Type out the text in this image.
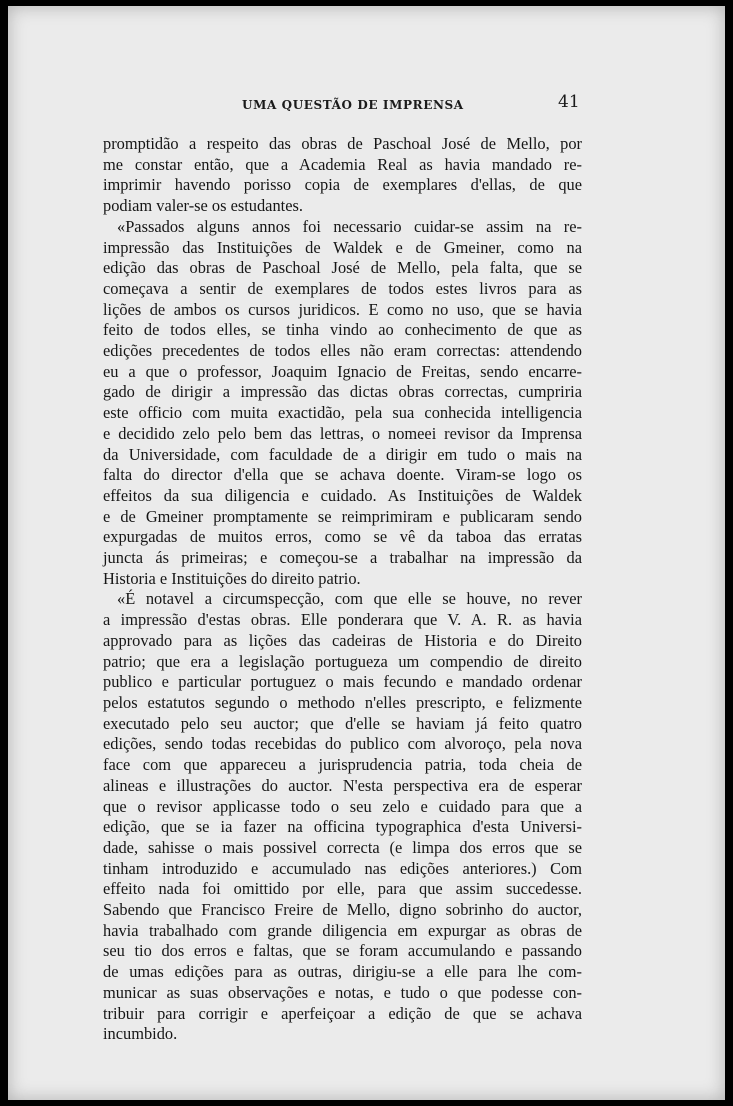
UMA QUESTÃO DE IMPRENSA	41
promptidão a respeito das obras de Paschoal José de Mello, por
me constar então, que a Academia Real as havia mandado re-
imprimir havendo porisso copia de exemplares d'ellas, de que
podiam valer-se os estudantes.
«Passados alguns annos foi necessario cuidar-se assim na re-
impressão das Instituições de Waldek e de Gmeiner, como na
edição das obras de Paschoal José de Mello, pela falta, que se
começava a sentir de exemplares de todos estes livros para as
lições de ambos os cursos juridicos. E como no uso, que se havia
feito de todos elles, se tinha vindo ao conhecimento de que as
edições precedentes de todos elles não eram correctas: attendendo
eu a que o professor, Joaquim Ignacio de Freitas, sendo encarre-
gado de dirigir a impressão das dictas obras correctas, cumpriria
este officio com muita exactidão, pela sua conhecida intelligencia
e decidido zelo pelo bem das lettras, o nomeei revisor da Imprensa
da Universidade, com faculdade de a dirigir em tudo o mais na
falta do director d'ella que se achava doente. Viram-se logo os
effeitos da sua diligencia e cuidado. As Instituições de Waldek
e de Gmeiner promptamente se reimprimiram e publicaram sendo
expurgadas de muitos erros, como se vê da taboa das erratas
juncta ás primeiras; e começou-se a trabalhar na impressão da
Historia e Instituições do direito patrio.
«É notavel a circumspecção, com que elle se houve, no rever
a impressão d'estas obras. Elle ponderara que V. A. R. as havia
approvado para as lições das cadeiras de Historia e do Direito
patrio; que era a legislação portugueza um compendio de direito
publico e particular portuguez o mais fecundo e mandado ordenar
pelos estatutos segundo o methodo n'elles prescripto, e felizmente
executado pelo seu auctor; que d'elle se haviam já feito quatro
edições, sendo todas recebidas do publico com alvoroço, pela nova
face com que appareceu a jurisprudencia patria, toda cheia de
alineas e illustrações do auctor. N'esta perspectiva era de esperar
que o revisor applicasse todo o seu zelo e cuidado para que a
edição, que se ia fazer na officina typographica d'esta Universi-
dade, sahisse o mais possivel correcta (e limpa dos erros que se
tinham introduzido e accumulado nas edições anteriores.) Com
effeito nada foi omittido por elle, para que assim succedesse.
Sabendo que Francisco Freire de Mello, digno sobrinho do auctor,
havia trabalhado com grande diligencia em expurgar as obras de
seu tio dos erros e faltas, que se foram accumulando e passando
de umas edições para as outras, dirigiu-se a elle para lhe com-
municar as suas observações e notas, e tudo o que podesse con-
tribuir para corrigir e aperfeiçoar a edição de que se achava
incumbido.
